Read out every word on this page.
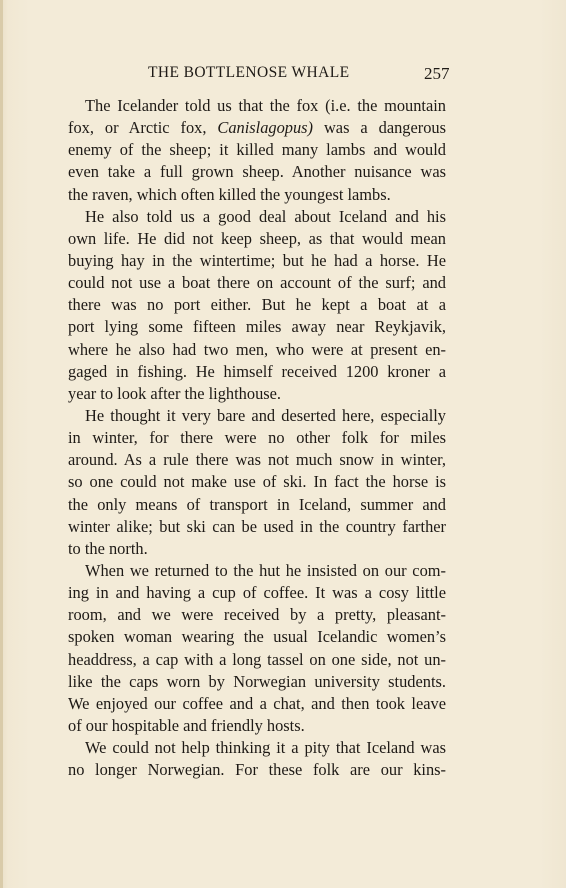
THE BOTTLENOSE WHALE	257
The Icelander told us that the fox (i.e. the mountain
fox, or Arctic fox, Canislagopus) was a dangerous
enemy of the sheep; it killed many lambs and would
even take a full grown sheep. Another nuisance was
the raven, which often killed the youngest lambs.
He also told us a good deal about Iceland and his
own life. He did not keep sheep, as that would mean
buying hay in the wintertime; but he had a horse. He
could not use a boat there on account of the surf; and
there was no port either. But he kept a boat at a
port lying some fifteen miles away near Reykjavik,
where he also had two men, who were at present en-
gaged in fishing. He himself received 1200 kroner a
year to look after the lighthouse.
He thought it very bare and deserted here, especially
in winter, for there were no other folk for miles
around. As a rule there was not much snow in winter,
so one could not make use of ski. In fact the horse is
the only means of transport in Iceland, summer and
winter alike; but ski can be used in the country farther
to the north.
When we returned to the hut he insisted on our com-
ing in and having a cup of coffee. It was a cosy little
room, and we were received by a pretty, pleasant-
spoken woman wearing the usual Icelandic women’s
headdress, a cap with a long tassel on one side, not un-
like the caps worn by Norwegian university students.
We enjoyed our coffee and a chat, and then took leave
of our hospitable and friendly hosts.
We could not help thinking it a pity that Iceland was
no longer Norwegian. For these folk are our kins-
